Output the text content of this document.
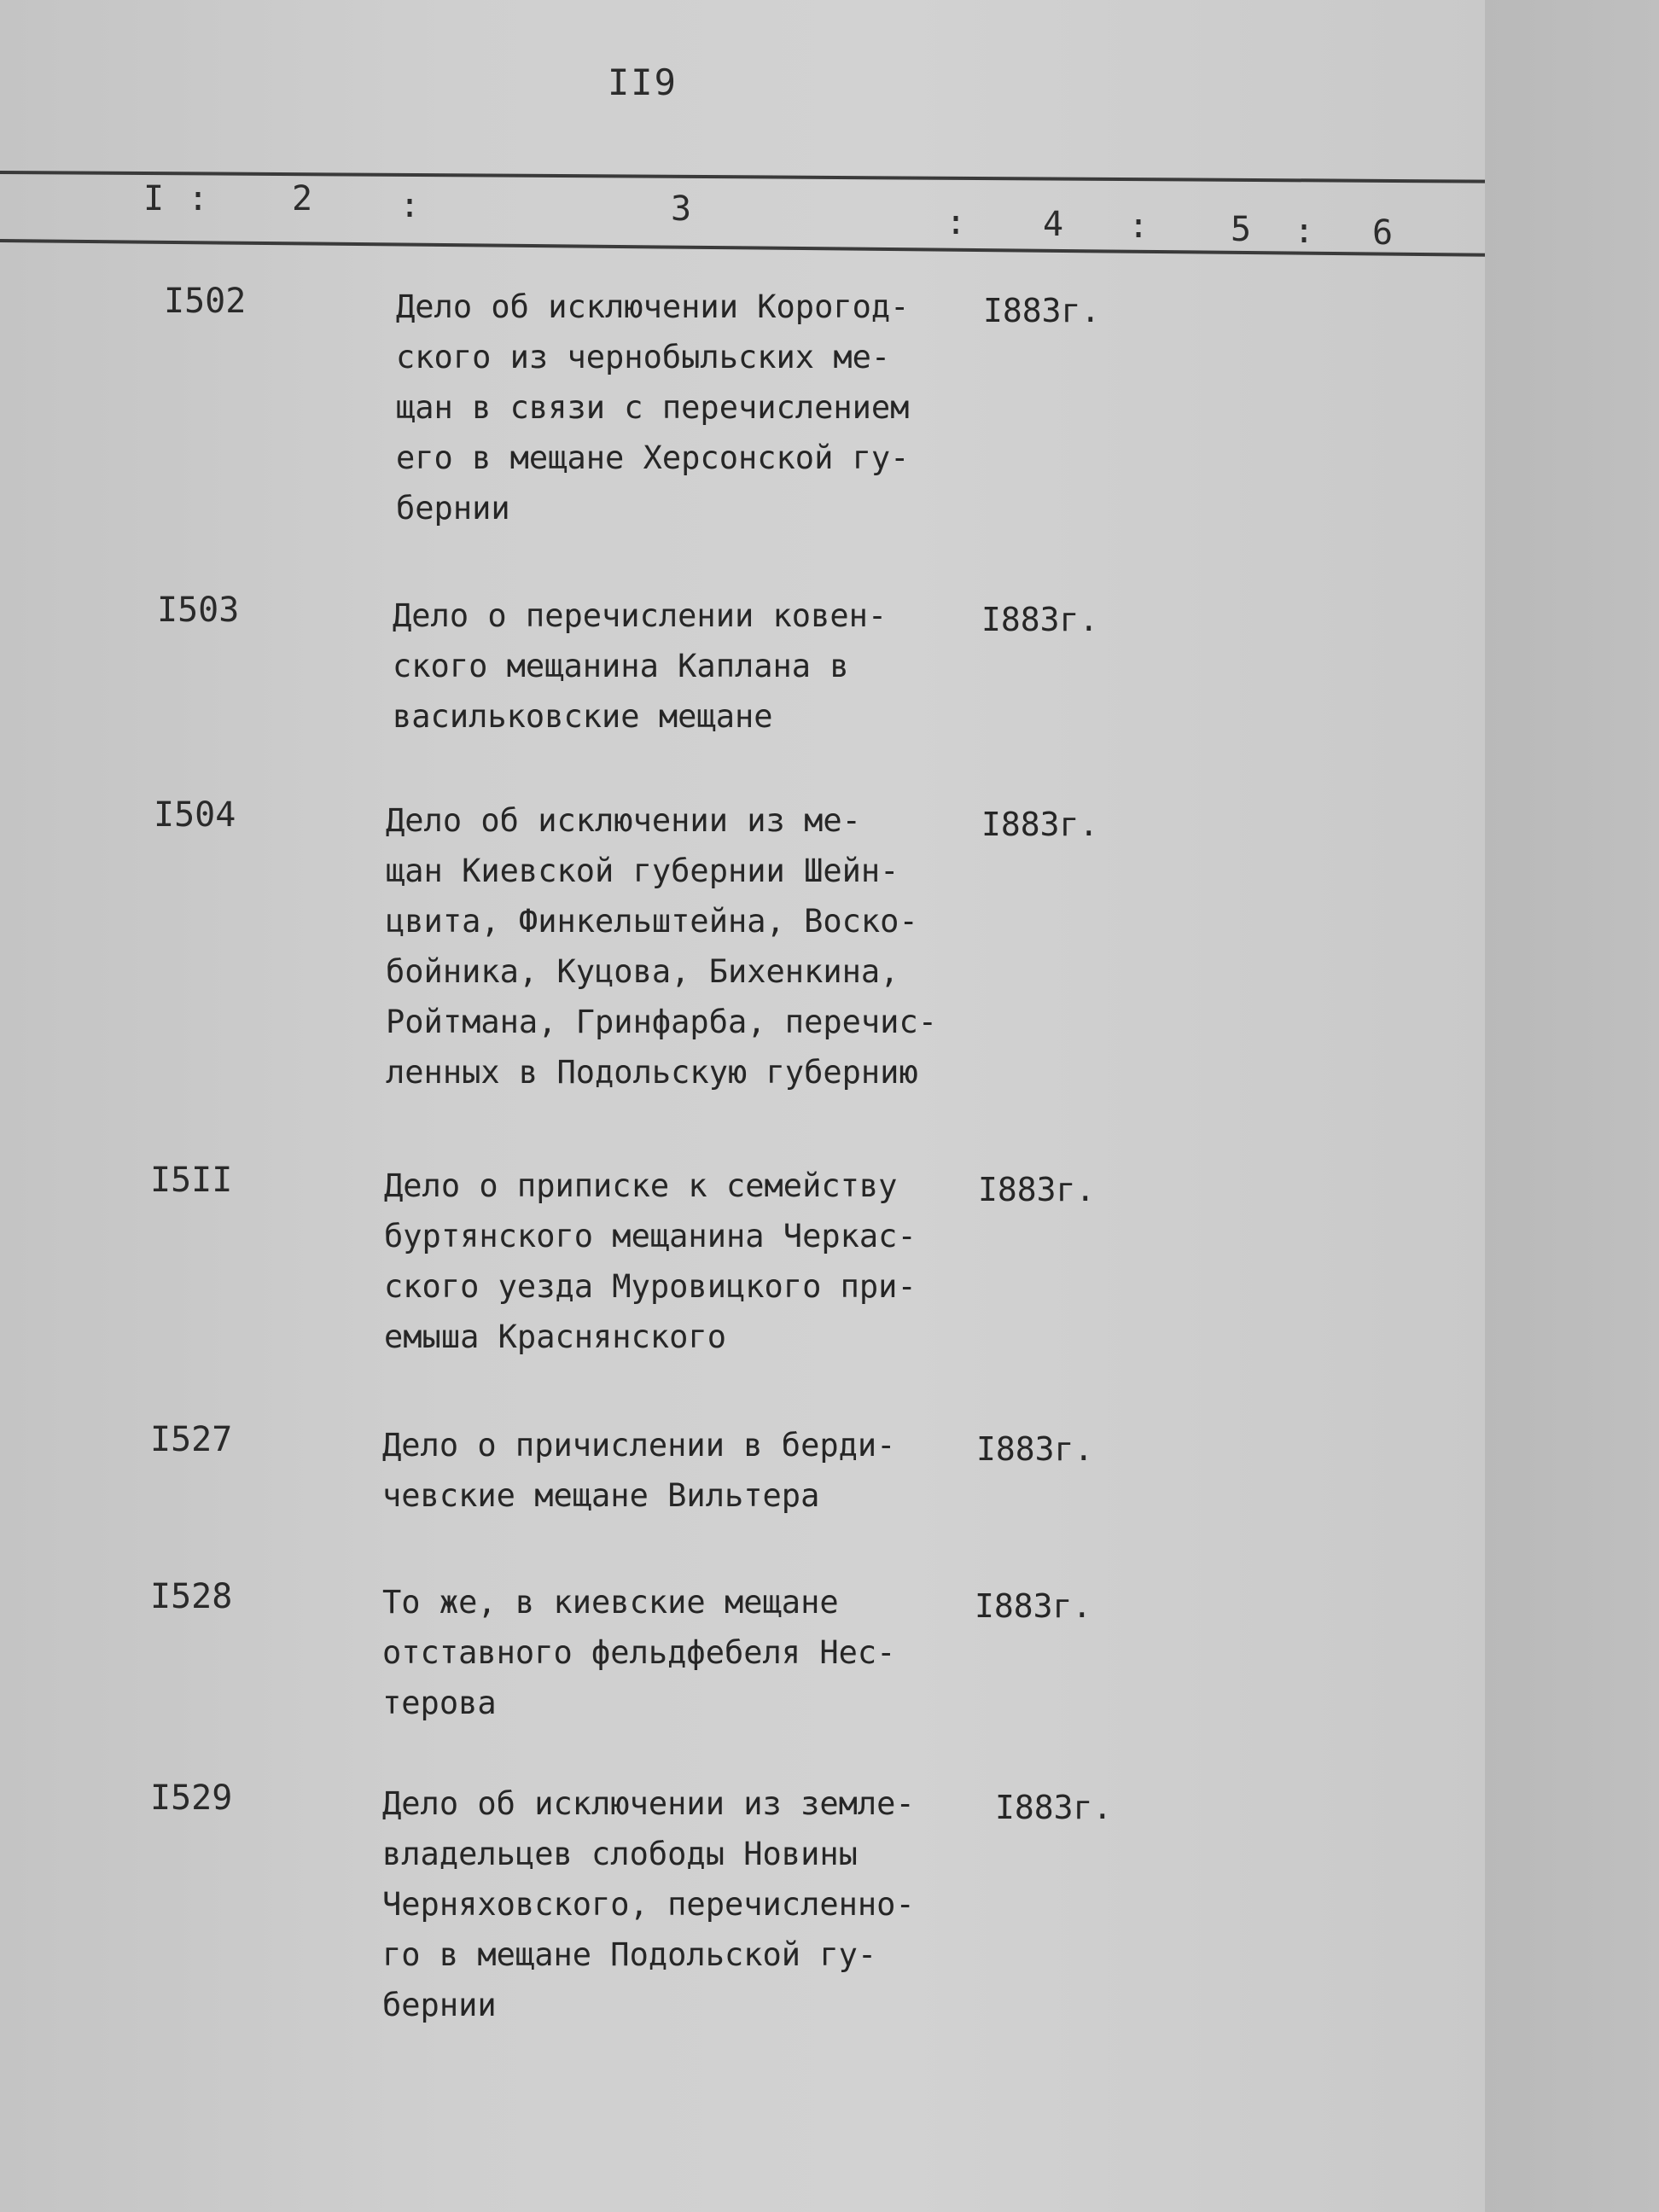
II9
I : 2	:	3	: 4 : 5 : 6
I502	Дело об исключении Корогод-
ского из чернобыльских ме-
щан в связи с перечислением
его в мещане Херсонской гу-
бернии
I883г.
I503	Дело о перечислении ковен-
ского мещанина Каплана в
васильковские мещане
I883г.
I504	Дело об исключении из ме-
щан Киевской губернии Шейн-
цвита, Финкельштейна, Воско-
бойника, Куцова, Бихенкина,
Ройтмана, Гринфарба, перечис-
ленных в Подольскую губернию
I883г.
I5II	Дело о приписке к семейству
буртянского мещанина Черкас-
ского уезда Муровицкого при-
емыша Краснянского
I883г.
I527	Дело о причислении в берди-
чевские мещане Вильтера
I883г.
I528	То же, в киевские мещане
отставного фельдфебеля Нес-
терова
I883г.
I529	Дело об исключении из земле-
владельцев слободы Новины
Черняховского, перечисленно-
го в мещане Подольской гу-
бернии
I883г.
